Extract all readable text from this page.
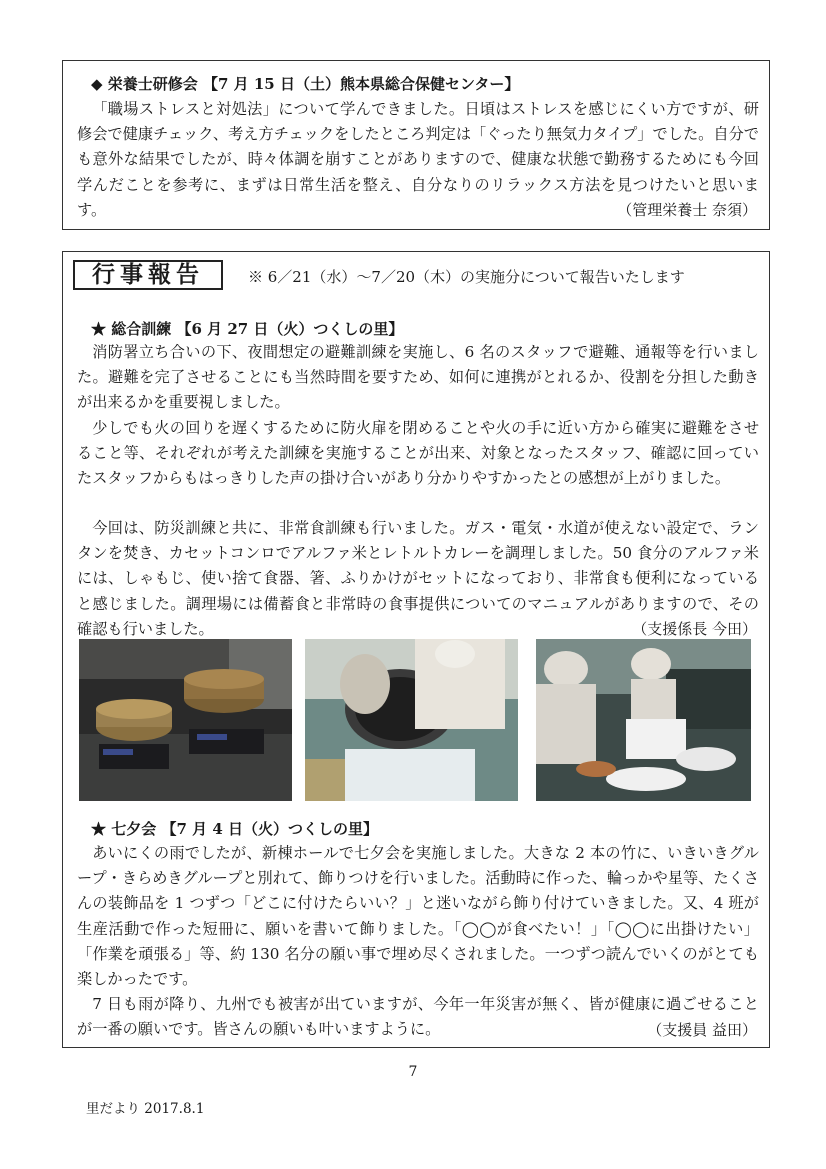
◆ 栄養士研修会 【7 月 15 日（土）熊本県総合保健センター】

「職場ストレスと対処法」について学んできました。日頃はストレスを感じにくい方ですが、研修会で健康チェック、考え方チェックをしたところ判定は「ぐったり無気力タイプ」でした。自分でも意外な結果でしたが、時々体調を崩すことがありますので、健康な状態で勤務するためにも今回学んだことを参考に、まずは日常生活を整え、自分なりのリラックス方法を見つけたいと思います。	（管理栄養士 奈須）
行事報告	※ 6／21（水）〜7／20（木）の実施分について報告いたします
★ 総合訓練 【6 月 27 日（火）つくしの里】

消防署立ち合いの下、夜間想定の避難訓練を実施し、6 名のスタッフで避難、通報等を行いました。避難を完了させることにも当然時間を要すため、如何に連携がとれるか、役割を分担した動きが出来るかを重要視しました。

少しでも火の回りを遅くするために防火扉を閉めることや火の手に近い方から確実に避難をさせること等、それぞれが考えた訓練を実施することが出来、対象となったスタッフ、確認に回っていたスタッフからもはっきりした声の掛け合いがあり分かりやすかったとの感想が上がりました。

今回は、防災訓練と共に、非常食訓練も行いました。ガス・電気・水道が使えない設定で、ランタンを焚き、カセットコンロでアルファ米とレトルトカレーを調理しました。50 食分のアルファ米には、しゃもじ、使い捨て食器、箸、ふりかけがセットになっており、非常食も便利になっていると感じました。調理場には備蓄食と非常時の食事提供についてのマニュアルがありますので、その確認も行いました。	（支援係長 今田）
★ 七夕会 【7 月 4 日（火）つくしの里】

あいにくの雨でしたが、新棟ホールで七夕会を実施しました。大きな 2 本の竹に、いきいきグループ・きらめきグループと別れて、飾りつけを行いました。活動時に作った、輪っかや星等、たくさんの装飾品を 1 つずつ「どこに付けたらいい？」と迷いながら飾り付けていきました。又、4 班が生産活動で作った短冊に、願いを書いて飾りました。「◯◯が食べたい！」「◯◯に出掛けたい」「作業を頑張る」等、約 130 名分の願い事で埋め尽くされました。一つずつ読んでいくのがとても楽しかったです。

7 日も雨が降り、九州でも被害が出ていますが、今年一年災害が無く、皆が健康に過ごせることが一番の願いです。皆さんの願いも叶いますように。	（支援員 益田）
7
里だより 2017.8.1
